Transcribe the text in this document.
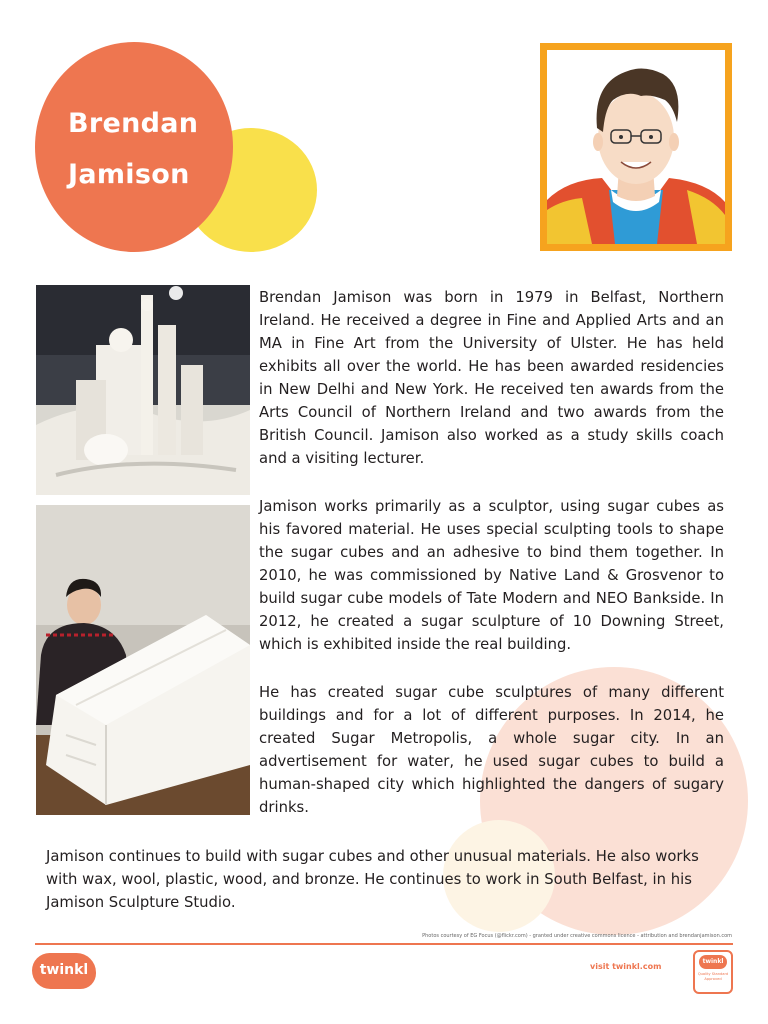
Brendan
Jamison

Brendan Jamison was born in 1979 in Belfast, Northern Ireland. He received a degree in Fine and Applied Arts and an MA in Fine Art from the University of Ulster. He has held exhibits all over the world. He has been awarded residencies in New Delhi and New York. He received ten awards from the Arts Council of Northern Ireland and two awards from the British Council. Jamison also worked as a study skills coach and a visiting lecturer.

Jamison works primarily as a sculptor, using sugar cubes as his favored material. He uses special sculpting tools to shape the sugar cubes and an adhesive to bind them together. In 2010, he was commissioned by Native Land & Grosvenor to build sugar cube models of Tate Modern and NEO Bankside. In 2012, he created a sugar sculpture of 10 Downing Street, which is exhibited inside the real building.

He has created sugar cube sculptures of many different buildings and for a lot of different purposes. In 2014, he created Sugar Metropolis, a whole sugar city. In an advertisement for water, he used sugar cubes to build a human-shaped city which highlighted the dangers of sugary drinks.

Jamison continues to build with sugar cubes and other unusual materials. He also works with wax, wool, plastic, wood, and bronze. He continues to work in South Belfast, in his Jamison Sculpture Studio.

Photos courtesy of EG Focus (@flickr.com) - granted under creative commons licence - attribution and brendanjamison.com
twinkl	visit twinkl.com
twinkl
Quality Standard Approved
